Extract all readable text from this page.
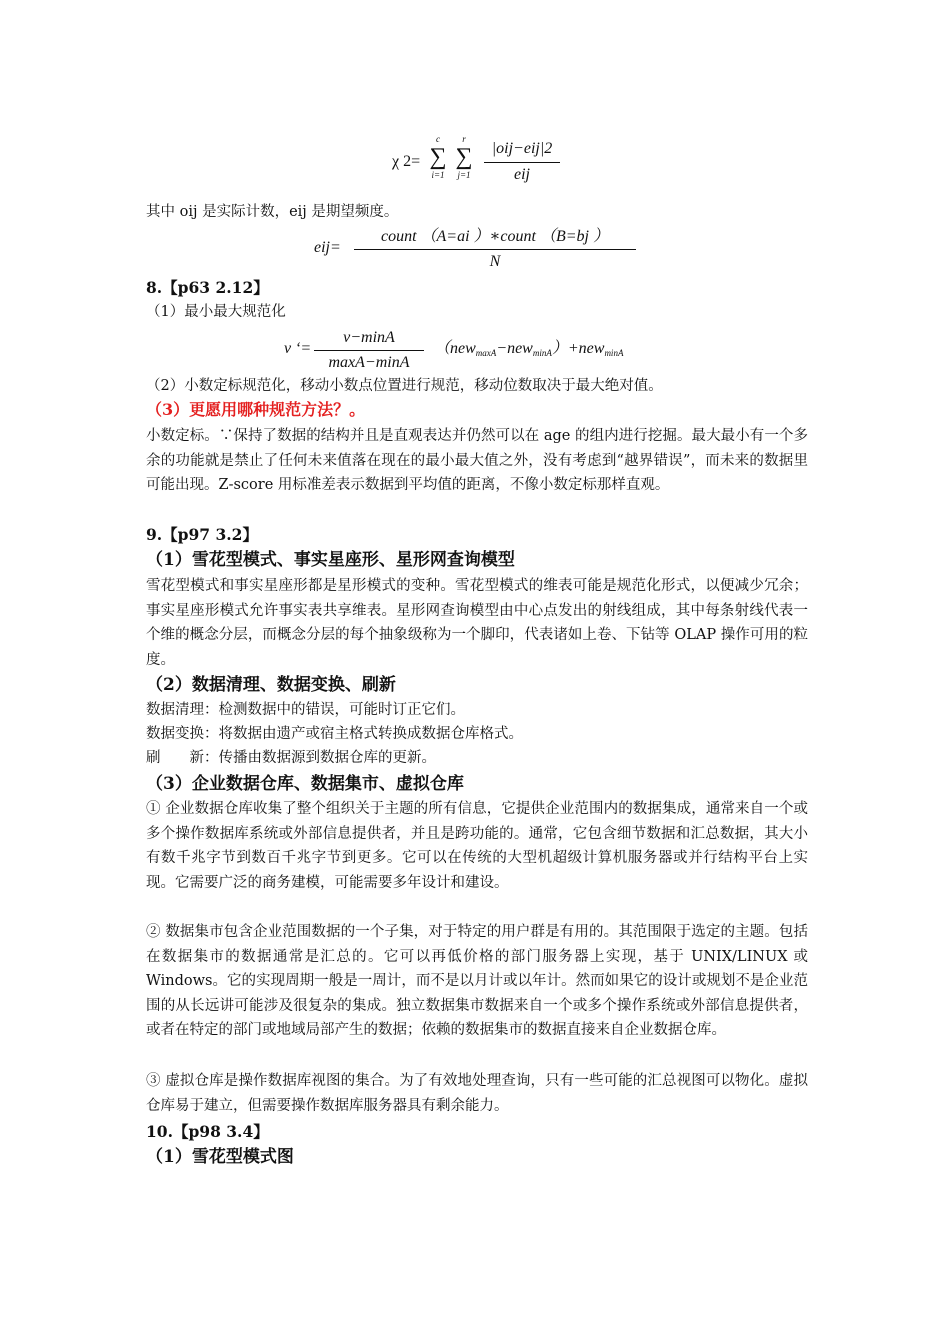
χ 2=
c
∑
i=1
r
∑
j=1
|oij−eij|2
eij

其中 oij 是实际计数，eij 是期望频度。

eij=
count （A=ai ）∗count （B=bj ）
N

8.【p63 2.12】

（1）最小最大规范化

v ‘=
v−minA
maxA−minA
（new$_{maxA}$−new$_{minA}$）+new$_{minA}$

（2）小数定标规范化，移动小数点位置进行规范，移动位数取决于最大绝对值。

（3）更愿用哪种规范方法？。

小数定标。∵保持了数据的结构并且是直观表达并仍然可以在 age 的组内进行挖掘。最大最小有一个多余的功能就是禁止了任何未来值落在现在的最小最大值之外，没有考虑到“越界错误”，而未来的数据里可能出现。Z-score 用标准差表示数据到平均值的距离，不像小数定标那样直观。

9.【p97 3.2】

（1）雪花型模式、事实星座形、星形网查询模型

雪花型模式和事实星座形都是星形模式的变种。雪花型模式的维表可能是规范化形式，以便减少冗余；事实星座形模式允许事实表共享维表。星形网查询模型由中心点发出的射线组成，其中每条射线代表一个维的概念分层，而概念分层的每个抽象级称为一个脚印，代表诸如上卷、下钻等 OLAP 操作可用的粒度。

（2）数据清理、数据变换、刷新

数据清理：检测数据中的错误，可能时订正它们。

数据变换：将数据由遗产或宿主格式转换成数据仓库格式。

刷　　新：传播由数据源到数据仓库的更新。

（3）企业数据仓库、数据集市、虚拟仓库

① 企业数据仓库收集了整个组织关于主题的所有信息，它提供企业范围内的数据集成，通常来自一个或多个操作数据库系统或外部信息提供者，并且是跨功能的。通常，它包含细节数据和汇总数据，其大小有数千兆字节到数百千兆字节到更多。它可以在传统的大型机超级计算机服务器或并行结构平台上实现。它需要广泛的商务建模，可能需要多年设计和建设。

② 数据集市包含企业范围数据的一个子集，对于特定的用户群是有用的。其范围限于选定的主题。包括在数据集市的数据通常是汇总的。它可以再低价格的部门服务器上实现，基于 UNIX/LINUX 或 Windows。它的实现周期一般是一周计，而不是以月计或以年计。然而如果它的设计或规划不是企业范围的从长远讲可能涉及很复杂的集成。独立数据集市数据来自一个或多个操作系统或外部信息提供者，或者在特定的部门或地域局部产生的数据；依赖的数据集市的数据直接来自企业数据仓库。

③ 虚拟仓库是操作数据库视图的集合。为了有效地处理查询，只有一些可能的汇总视图可以物化。虚拟仓库易于建立，但需要操作数据库服务器具有剩余能力。

10.【p98 3.4】

（1）雪花型模式图
